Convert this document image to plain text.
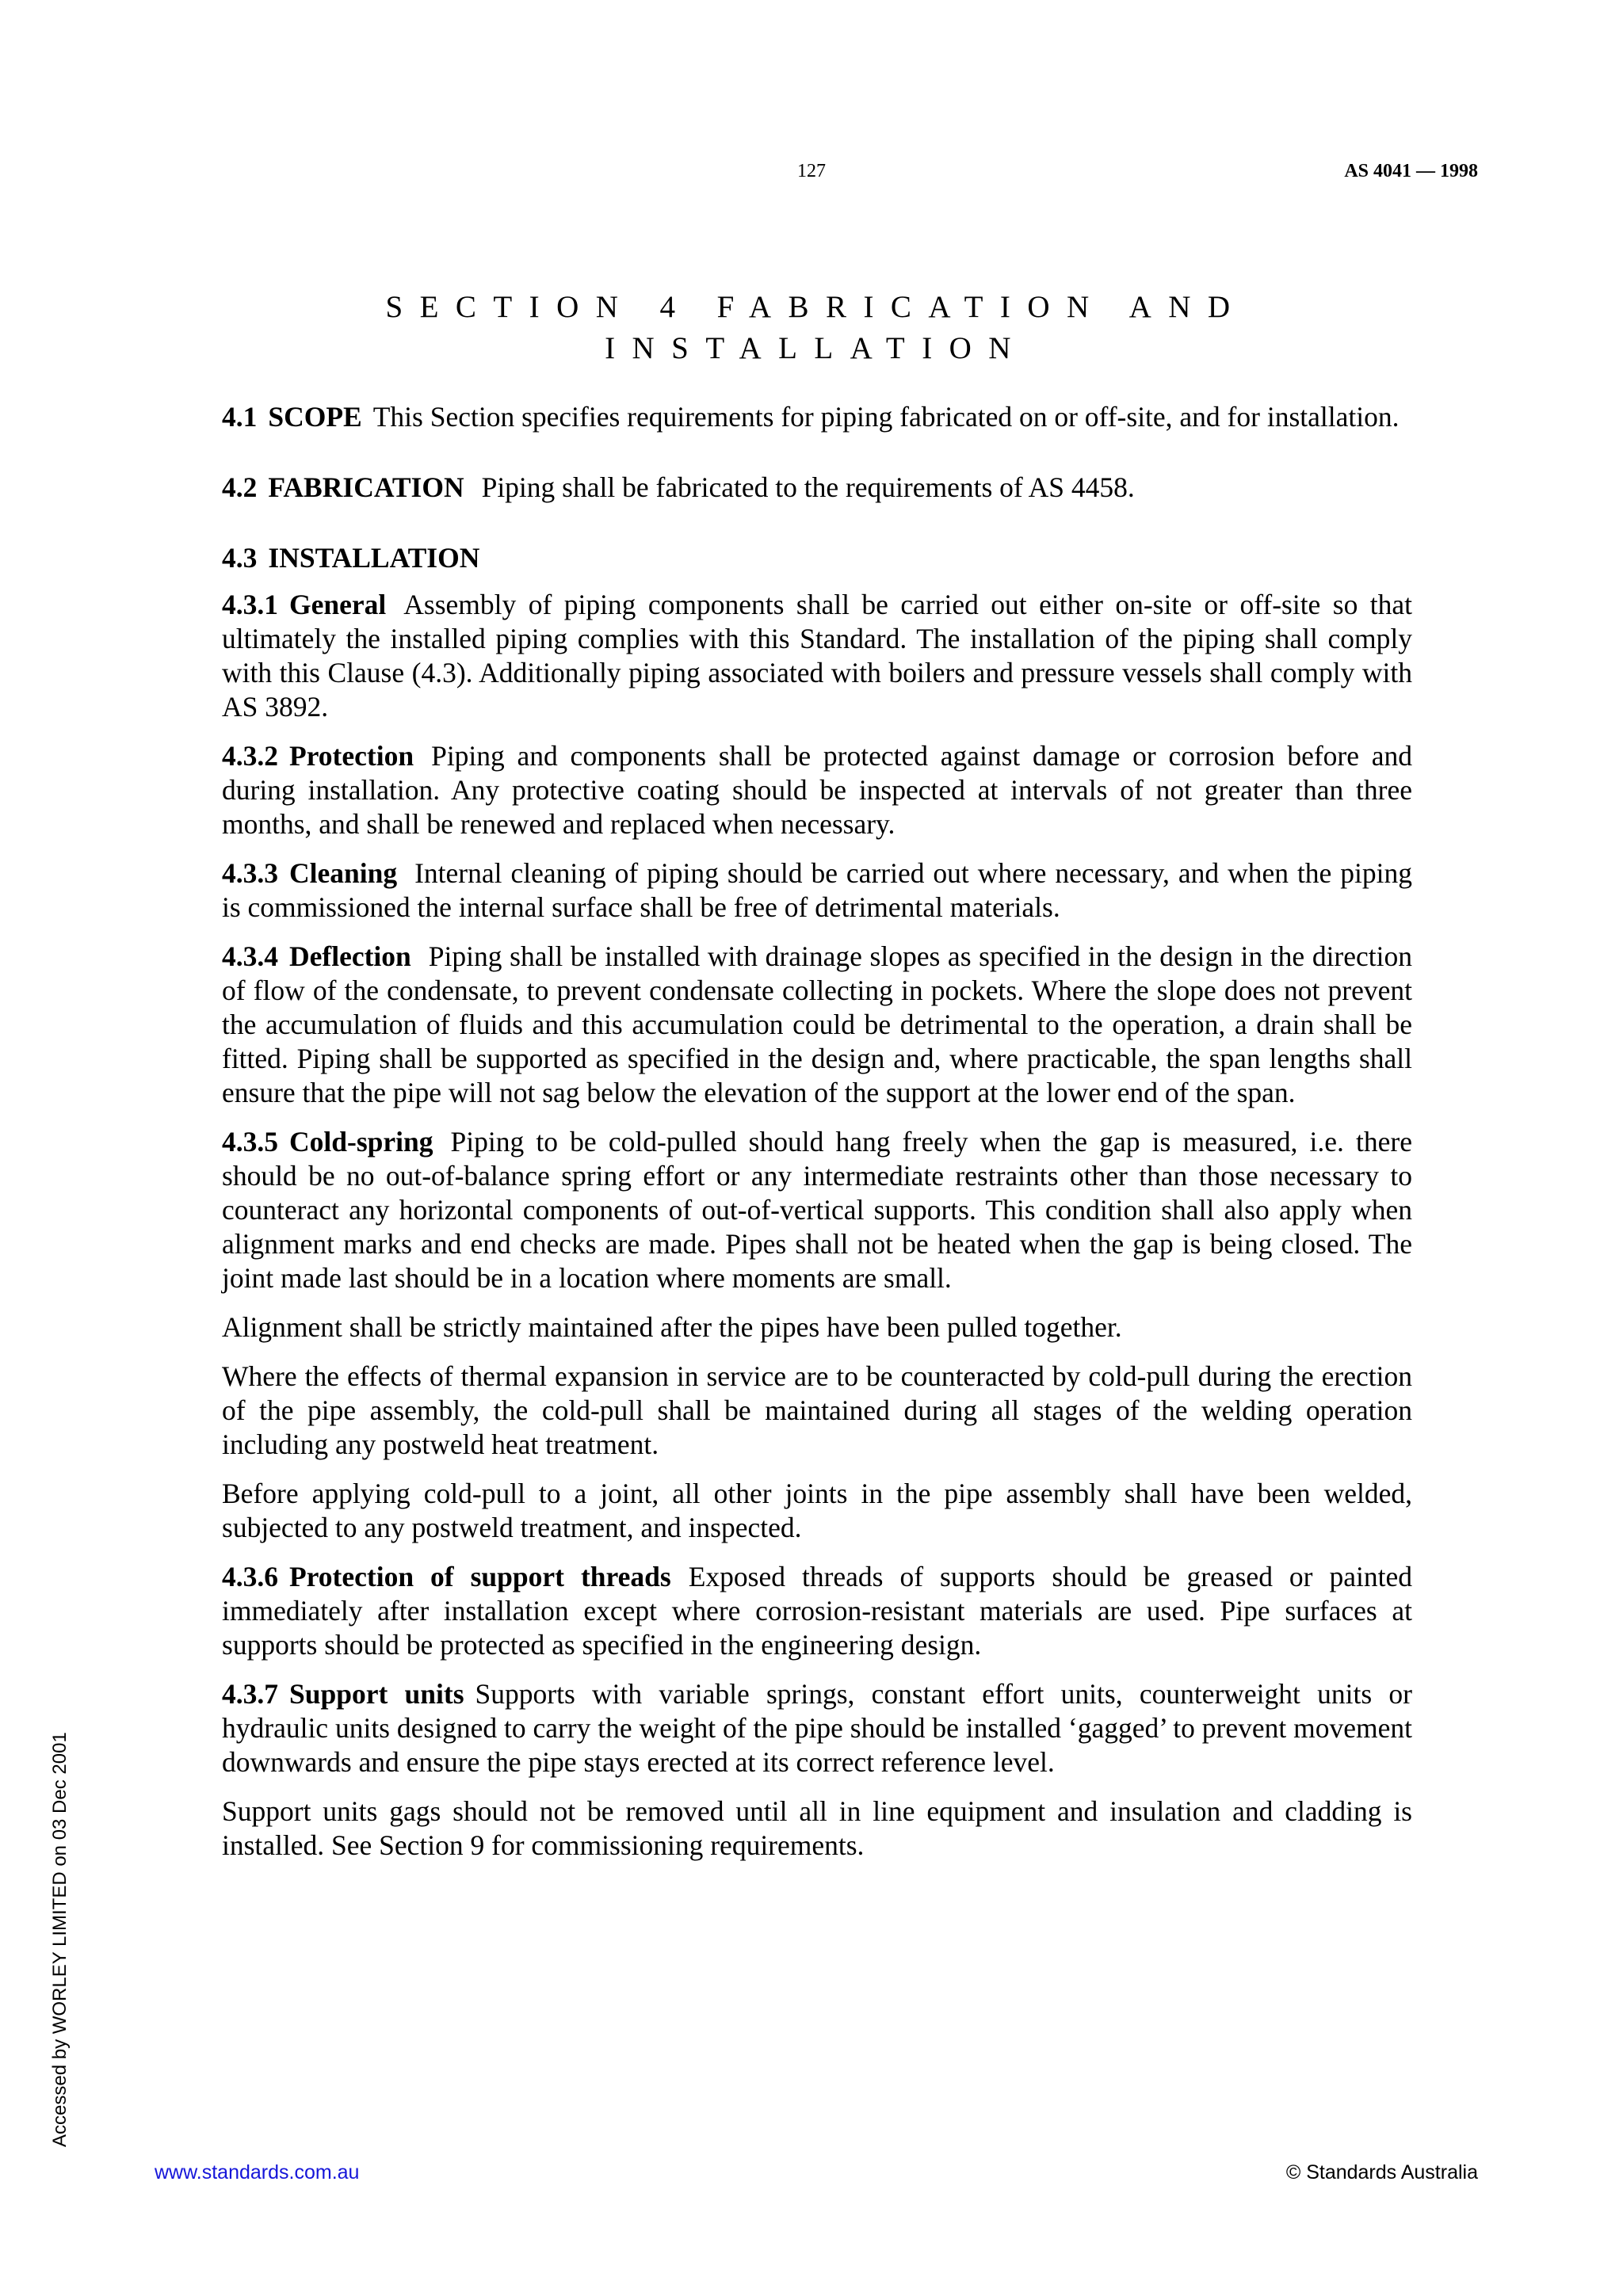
127	AS 4041 — 1998
SECTION 4 FABRICATION AND
INSTALLATION

4.1 SCOPE This Section specifies requirements for piping fabricated on or off-site, and for installation.

4.2 FABRICATION Piping shall be fabricated to the requirements of AS 4458.

4.3 INSTALLATION

4.3.1 General Assembly of piping components shall be carried out either on-site or off-site so that ultimately the installed piping complies with this Standard. The installation of the piping shall comply with this Clause (4.3). Additionally piping associated with boilers and pressure vessels shall comply with AS 3892.

4.3.2 Protection Piping and components shall be protected against damage or corrosion before and during installation. Any protective coating should be inspected at intervals of not greater than three months, and shall be renewed and replaced when necessary.

4.3.3 Cleaning Internal cleaning of piping should be carried out where necessary, and when the piping is commissioned the internal surface shall be free of detrimental materials.

4.3.4 Deflection Piping shall be installed with drainage slopes as specified in the design in the direction of flow of the condensate, to prevent condensate collecting in pockets. Where the slope does not prevent the accumulation of fluids and this accumulation could be detrimental to the operation, a drain shall be fitted. Piping shall be supported as specified in the design and, where practicable, the span lengths shall ensure that the pipe will not sag below the elevation of the support at the lower end of the span.

4.3.5 Cold-spring Piping to be cold-pulled should hang freely when the gap is measured, i.e. there should be no out-of-balance spring effort or any intermediate restraints other than those necessary to counteract any horizontal components of out-of-vertical supports. This condition shall also apply when alignment marks and end checks are made. Pipes shall not be heated when the gap is being closed. The joint made last should be in a location where moments are small.

Alignment shall be strictly maintained after the pipes have been pulled together.

Where the effects of thermal expansion in service are to be counteracted by cold-pull during the erection of the pipe assembly, the cold-pull shall be maintained during all stages of the welding operation including any postweld heat treatment.

Before applying cold-pull to a joint, all other joints in the pipe assembly shall have been welded, subjected to any postweld treatment, and inspected.

4.3.6 Protection of support threads Exposed threads of supports should be greased or painted immediately after installation except where corrosion-resistant materials are used. Pipe surfaces at supports should be protected as specified in the engineering design.

4.3.7 Support units Supports with variable springs, constant effort units, counterweight units or hydraulic units designed to carry the weight of the pipe should be installed ‘gagged’ to prevent movement downwards and ensure the pipe stays erected at its correct reference level.

Support units gags should not be removed until all in line equipment and insulation and cladding is installed. See Section 9 for commissioning requirements.

Accessed by WORLEY LIMITED on 03 Dec 2001
www.standards.com.au	© Standards Australia
